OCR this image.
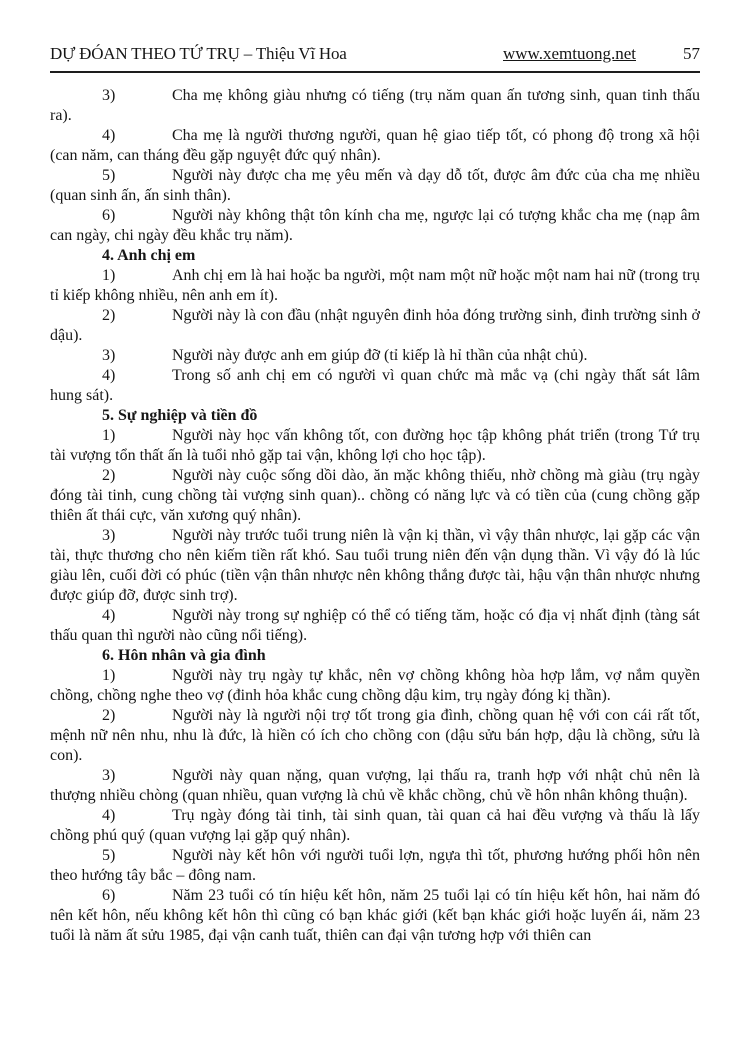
DỰ ĐÓAN THEO TỨ TRỤ – Thiệu Vĩ Hoa	www.xemtuong.net	57

3)	Cha mẹ không giàu nhưng có tiếng (trụ năm quan ấn tương sinh, quan tinh thấu ra).

4)	Cha mẹ là người thương người, quan hệ giao tiếp tốt, có phong độ trong xã hội (can năm, can tháng đều gặp nguyệt đức quý nhân).

5)	Người này được cha mẹ yêu mến và dạy dỗ tốt, được âm đức của cha mẹ nhiều (quan sinh ấn, ấn sinh thân).

6)	Người này không thật tôn kính cha mẹ, ngược lại có tượng khắc cha mẹ (nạp âm can ngày, chi ngày đều khắc trụ năm).

4. Anh chị em

1)	Anh chị em là hai hoặc ba người, một nam một nữ hoặc một nam hai nữ (trong trụ tỉ kiếp không nhiều, nên anh em ít).

2)	Người này là con đầu (nhật nguyên đinh hỏa đóng trường sinh, đinh trường sinh ở dậu).

3)	Người này được anh em giúp đỡ (tỉ kiếp là hỉ thần của nhật chủ).

4)	Trong số anh chị em có người vì quan chức mà mắc vạ (chi ngày thất sát lâm hung sát).

5. Sự nghiệp và tiền đồ

1)	Người này học vấn không tốt, con đường học tập không phát triển (trong Tứ trụ tài vượng tổn thất ấn là tuổi nhỏ gặp tai vận, không lợi cho học tập).

2)	Người này cuộc sống dồi dào, ăn mặc không thiếu, nhờ chồng mà giàu (trụ ngày đóng tài tinh, cung chồng tài vượng sinh quan).. chồng có năng lực và có tiền của (cung chồng gặp thiên ất thái cực, văn xương quý nhân).

3)	Người này trước tuổi trung niên là vận kị thần, vì vậy thân nhược, lại gặp các vận tài, thực thương cho nên kiếm tiền rất khó. Sau tuổi trung niên đến vận dụng thần. Vì vậy đó là lúc giàu lên, cuối đời có phúc (tiền vận thân nhược nên không thắng được tài, hậu vận thân nhược nhưng được giúp đỡ, được sinh trợ).

4)	Người này trong sự nghiệp có thể có tiếng tăm, hoặc có địa vị nhất định (tàng sát thấu quan thì người nào cũng nổi tiếng).

6. Hôn nhân và gia đình

1)	Người này trụ ngày tự khắc, nên vợ chồng không hòa hợp lắm, vợ nắm quyền chồng, chồng nghe theo vợ (đinh hỏa khắc cung chồng dậu kim, trụ ngày đóng kị thần).

2)	Người này là người nội trợ tốt trong gia đình, chồng quan hệ với con cái rất tốt, mệnh nữ nên nhu, nhu là đức, là hiền có ích cho chồng con (dậu sửu bán hợp, dậu là chồng, sửu là con).

3)	Người này quan nặng, quan vượng, lại thấu ra, tranh hợp với nhật chủ nên là thượng nhiều chòng (quan nhiều, quan vượng là chủ về khắc chồng, chủ về hôn nhân không thuận).

4)	Trụ ngày đóng tài tinh, tài sinh quan, tài quan cả hai đều vượng và thấu là lấy chồng phú quý (quan vượng lại gặp quý nhân).

5)	Người này kết hôn với người tuổi lợn, ngựa thì tốt, phương hướng phối hôn nên theo hướng tây bắc – đông nam.

6)	Năm 23 tuổi có tín hiệu kết hôn, năm 25 tuổi lại có tín hiệu kết hôn, hai năm đó nên kết hôn, nếu không kết hôn thì cũng có bạn khác giới (kết bạn khác giới hoặc luyến ái, năm 23 tuổi là năm ất sửu 1985, đại vận canh tuất, thiên can đại vận tương hợp với thiên can
